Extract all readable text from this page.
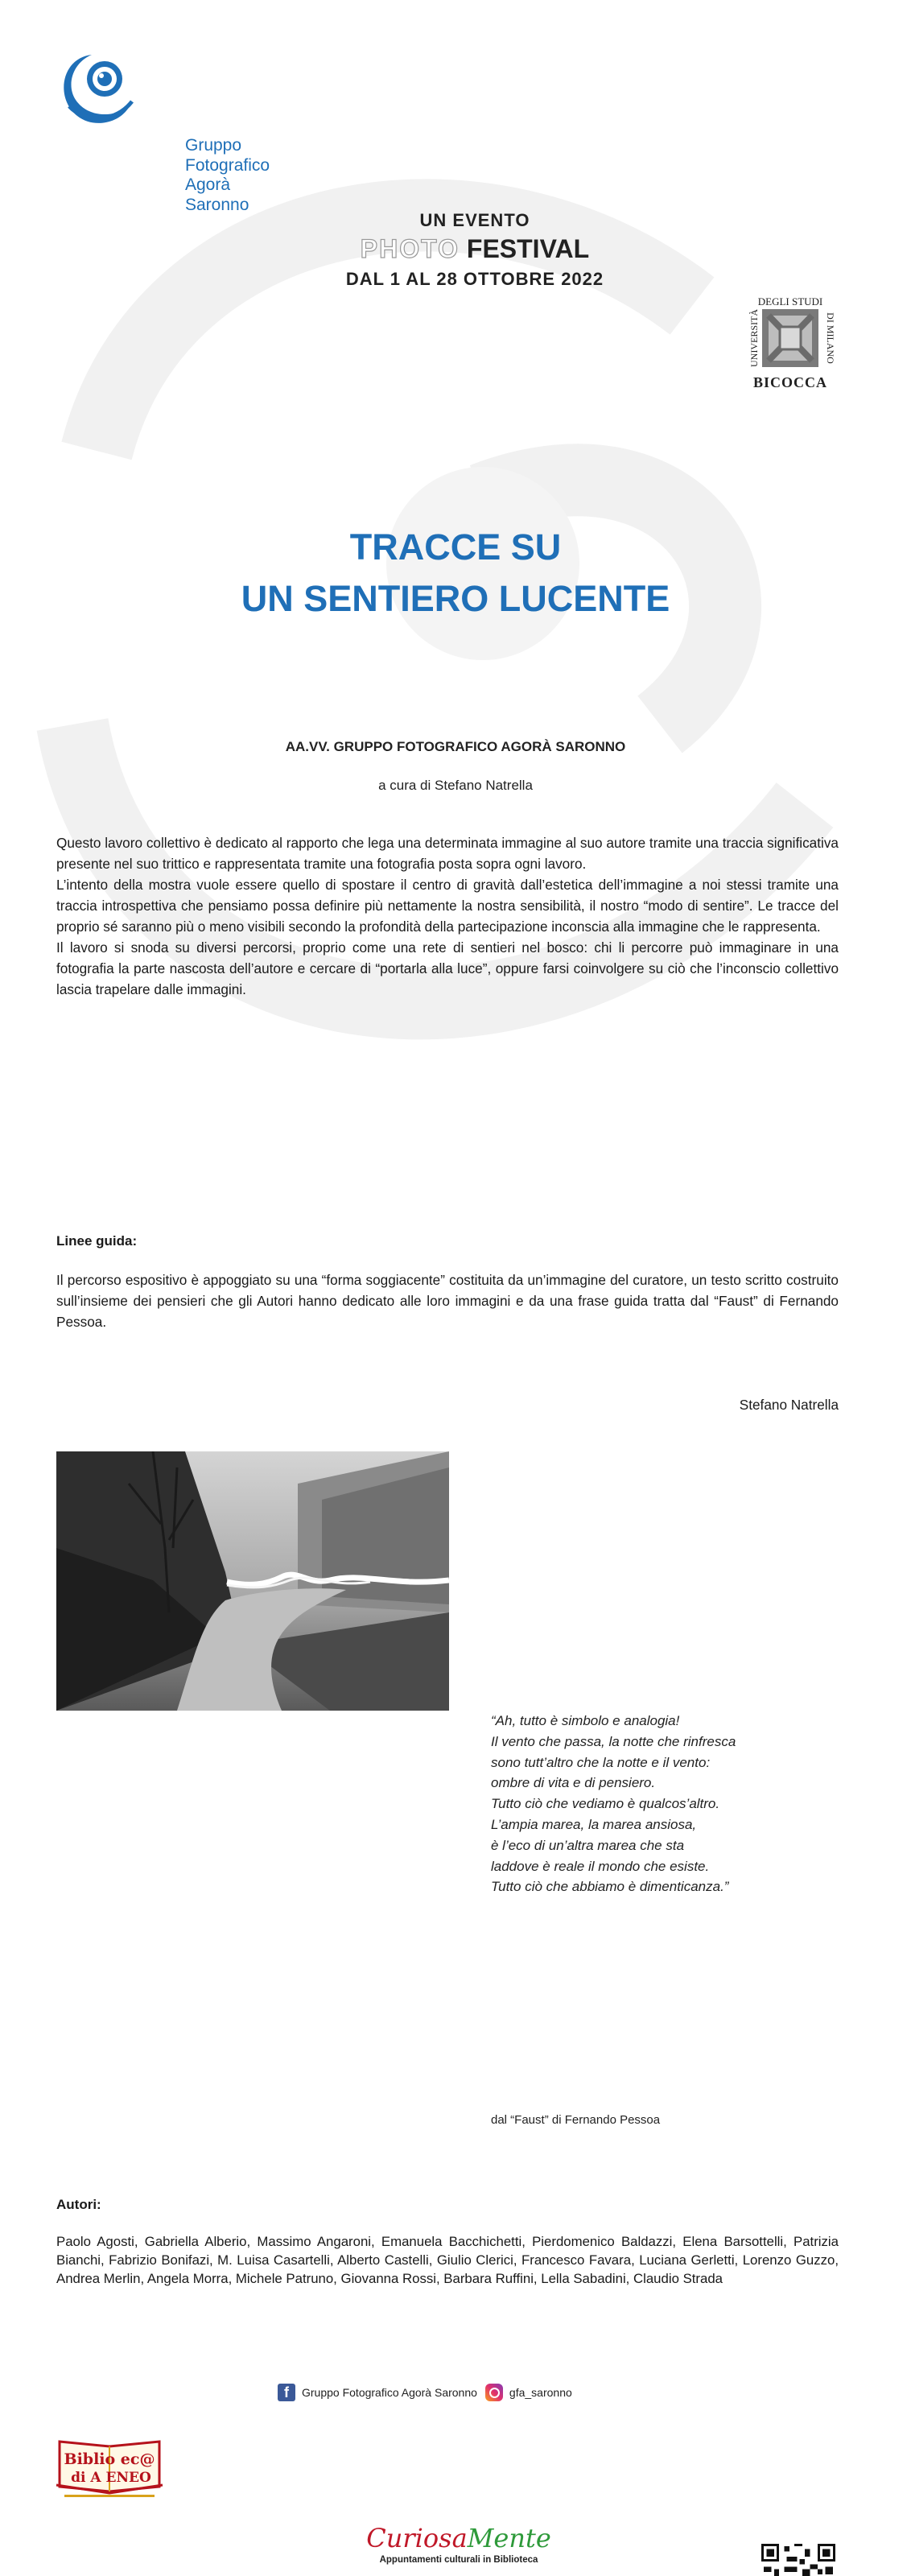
Gruppo
Fotografico
Agorà
Saronno
UN EVENTO
PHOTO FESTIVAL
DAL 1 AL 28 OTTOBRE 2022
DEGLI STUDI
UNIVERSITÀ	DI MILANO
BICOCCA
TRACCE SU
UN SENTIERO LUCENTE
AA.VV. GRUPPO FOTOGRAFICO AGORÀ SARONNO
a cura di Stefano Natrella

Questo lavoro collettivo è dedicato al rapporto che lega una determinata immagine al suo autore tramite una traccia significativa presente nel suo trittico e rappresentata tramite una fotografia posta sopra ogni lavoro.

L’intento della mostra vuole essere quello di spostare il centro di gravità dall’estetica dell’immagine a noi stessi tramite una traccia introspettiva che pensiamo possa definire più nettamente la nostra sensibilità, il nostro “modo di sentire”. Le tracce del proprio sé saranno più o meno visibili secondo la profondità della partecipazione inconscia alla immagine che le rappresenta.

Il lavoro si snoda su diversi percorsi, proprio come una rete di sentieri nel bosco: chi li percorre può immaginare in una fotografia la parte nascosta dell’autore e cercare di “portarla alla luce”, oppure farsi coinvolgere su ciò che l’inconscio collettivo lascia trapelare dalle immagini.

Linee guida:

Il percorso espositivo è appoggiato su una “forma soggiacente” costituita da un’immagine del curatore, un testo scritto costruito sull’insieme dei pensieri che gli Autori hanno dedicato alle loro immagini e da una frase guida tratta dal “Faust” di Fernando Pessoa.

Stefano Natrella
“Ah, tutto è simbolo e analogia!
Il vento che passa, la notte che rinfresca
sono tutt’altro che la notte e il vento:
ombre di vita e di pensiero.
Tutto ciò che vediamo è qualcos’altro.
L’ampia marea, la marea ansiosa,
è l’eco di un’altra marea che sta
laddove è reale il mondo che esiste.
Tutto ciò che abbiamo è dimenticanza.”
dal “Faust” di Fernando Pessoa
Autori:

Paolo Agosti, Gabriella Alberio, Massimo Angaroni, Emanuela Bacchichetti, Pierdomenico Baldazzi, Elena Barsottelli, Patrizia Bianchi, Fabrizio Bonifazi, M. Luisa Casartelli, Alberto Castelli, Giulio Clerici, Francesco Favara, Luciana Gerletti, Lorenzo Guzzo, Andrea Merlin, Angela Morra, Michele Patruno, Giovanna Rossi, Barbara Ruffini, Lella Sabadini, Claudio Strada

f	Gruppo Fotografico Agorà Saronno	gfa_saronno
Biblio ec@
di A ENEO
CuriosaMente
Appuntamenti culturali in Biblioteca
